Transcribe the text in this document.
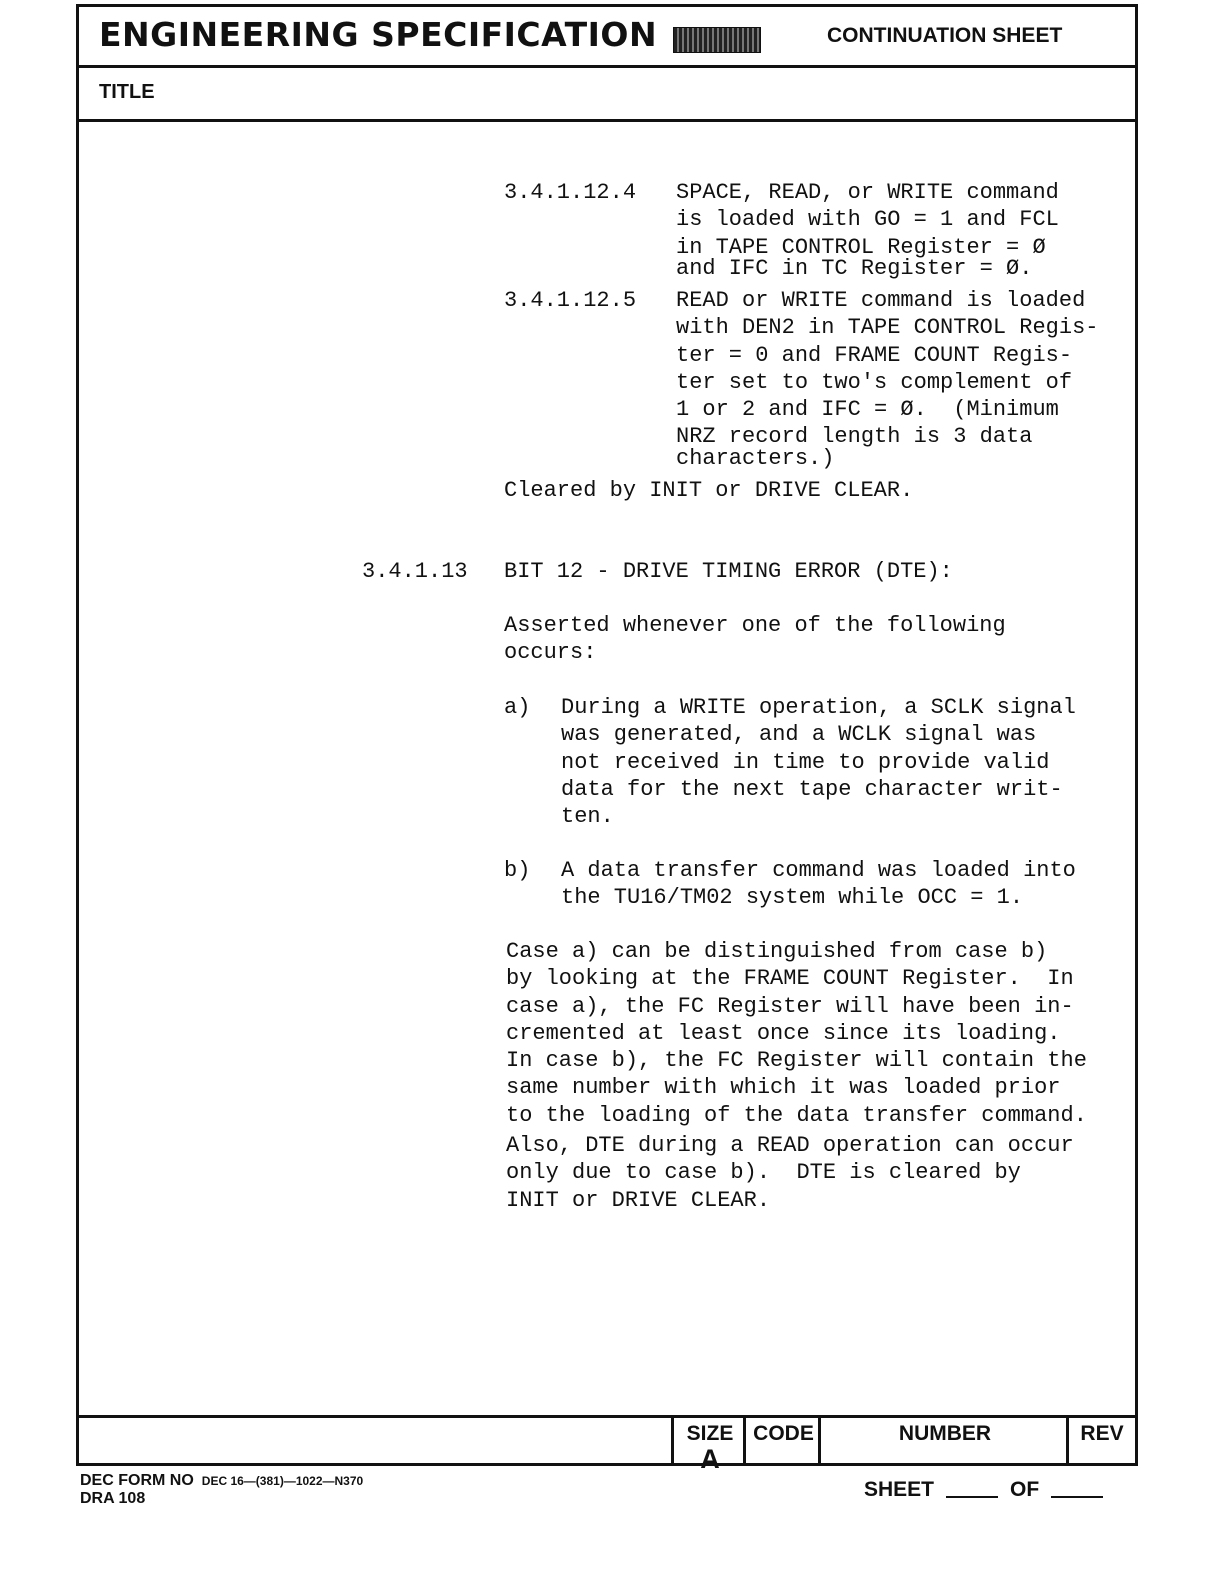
ENGINEERING SPECIFICATION	CONTINUATION SHEET
TITLE
SIZE
A
CODE	NUMBER	REV
3.4.1.12.4 SPACE, READ, or WRITE command
is loaded with GO = 1 and FCL
in TAPE CONTROL Register = Ø
and IFC in TC Register = Ø.
3.4.1.12.5 READ or WRITE command is loaded
with DEN2 in TAPE CONTROL Regis-
ter = 0 and FRAME COUNT Regis-
ter set to two's complement of
1 or 2 and IFC = Ø.  (Minimum
NRZ record length is 3 data
characters.)
Cleared by INIT or DRIVE CLEAR.
3.4.1.13 BIT 12 - DRIVE TIMING ERROR (DTE):
Asserted whenever one of the following
occurs:
a) During a WRITE operation, a SCLK signal
was generated, and a WCLK signal was
not received in time to provide valid
data for the next tape character writ-
ten.
b) A data transfer command was loaded into
the TU16/TM02 system while OCC = 1.
Case a) can be distinguished from case b)
by looking at the FRAME COUNT Register.  In
case a), the FC Register will have been in-
cremented at least once since its loading.
In case b), the FC Register will contain the
same number with which it was loaded prior
to the loading of the data transfer command.
Also, DTE during a READ operation can occur
only due to case b).  DTE is cleared by
INIT or DRIVE CLEAR.
DEC FORM NO DEC 16—(381)—1022—N370
DRA 108	SHEET	OF
